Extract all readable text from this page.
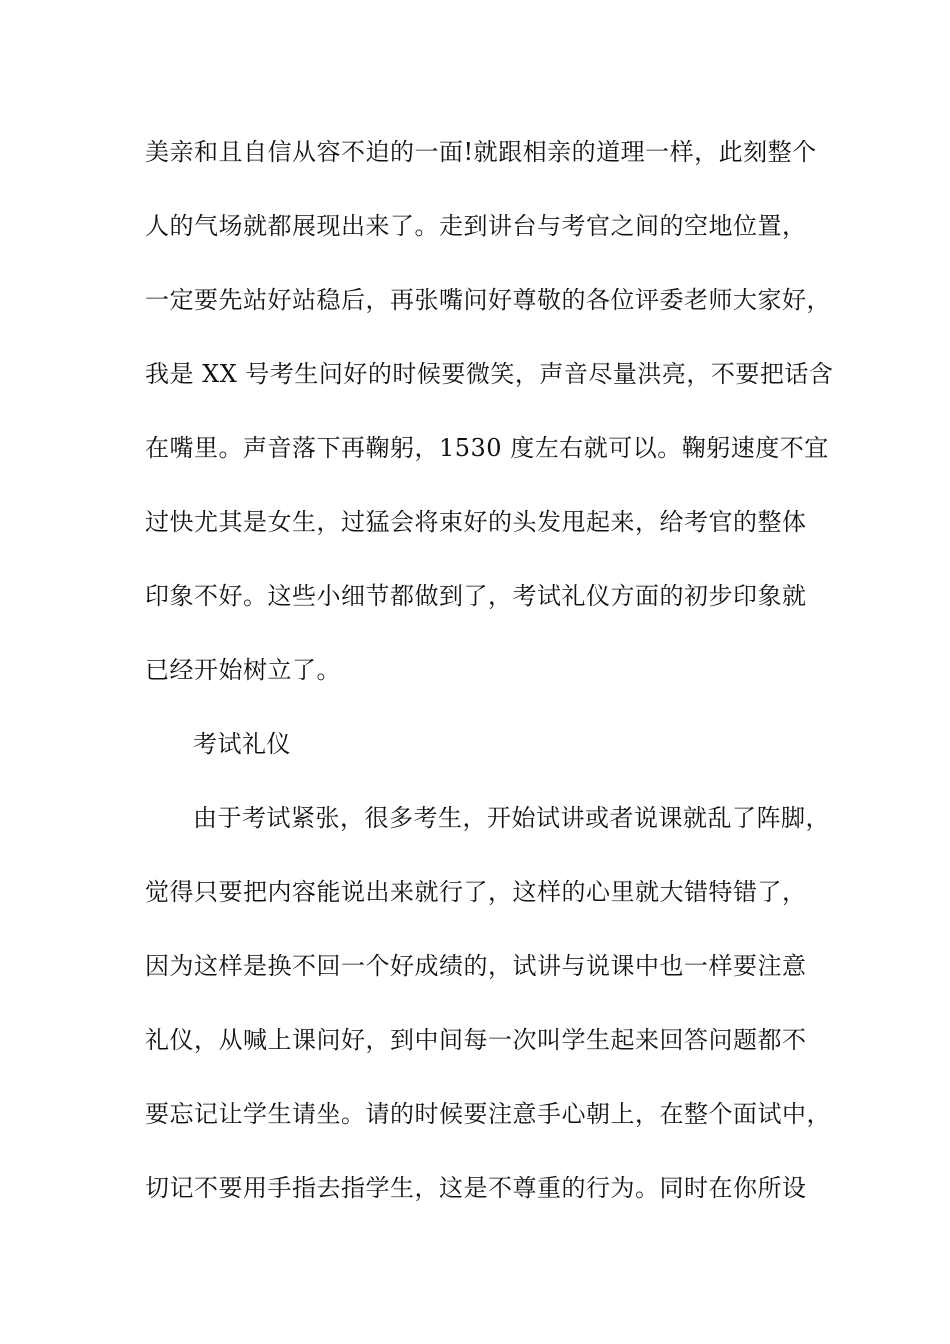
美亲和且自信从容不迫的一面!就跟相亲的道理一样，此刻整个
人的气场就都展现出来了。走到讲台与考官之间的空地位置，
一定要先站好站稳后，再张嘴问好尊敬的各位评委老师大家好，
我是 XX 号考生问好的时候要微笑，声音尽量洪亮，不要把话含
在嘴里。声音落下再鞠躬，1530 度左右就可以。鞠躬速度不宜
过快尤其是女生，过猛会将束好的头发甩起来，给考官的整体
印象不好。这些小细节都做到了，考试礼仪方面的初步印象就
已经开始树立了。
考试礼仪
由于考试紧张，很多考生，开始试讲或者说课就乱了阵脚，
觉得只要把内容能说出来就行了，这样的心里就大错特错了，
因为这样是换不回一个好成绩的，试讲与说课中也一样要注意
礼仪，从喊上课问好，到中间每一次叫学生起来回答问题都不
要忘记让学生请坐。请的时候要注意手心朝上，在整个面试中，
切记不要用手指去指学生，这是不尊重的行为。同时在你所设
